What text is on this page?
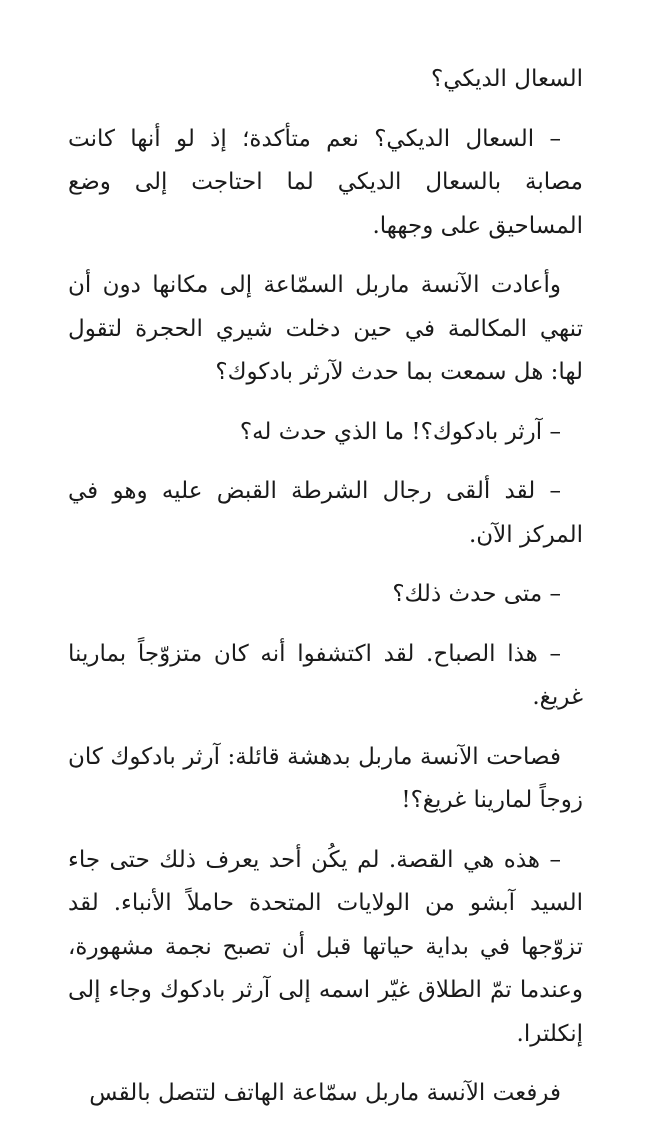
السعال الديكي؟

– السعال الديكي؟ نعم متأكدة؛ إذ لو أنها كانت مصابة بالسعال الديكي لما احتاجت إلى وضع المساحيق على وجهها.

وأعادت الآنسة ماربل السمّاعة إلى مكانها دون أن تنهي المكالمة في حين دخلت شيري الحجرة لتقول لها: هل سمعت بما حدث لآرثر بادكوك؟

– آرثر بادكوك؟! ما الذي حدث له؟

– لقد ألقى رجال الشرطة القبض عليه وهو في المركز الآن.

– متى حدث ذلك؟

– هذا الصباح. لقد اكتشفوا أنه كان متزوّجاً بمارينا غريغ.

فصاحت الآنسة ماربل بدهشة قائلة: آرثر بادكوك كان زوجاً لمارينا غريغ؟!

– هذه هي القصة. لم يكُن أحد يعرف ذلك حتى جاء السيد آبشو من الولايات المتحدة حاملاً الأنباء. لقد تزوّجها في بداية حياتها قبل أن تصبح نجمة مشهورة، وعندما تمّ الطلاق غيّر اسمه إلى آرثر بادكوك وجاء إلى إنكلترا.

فرفعت الآنسة ماربل سمّاعة الهاتف لتتصل بالقس
